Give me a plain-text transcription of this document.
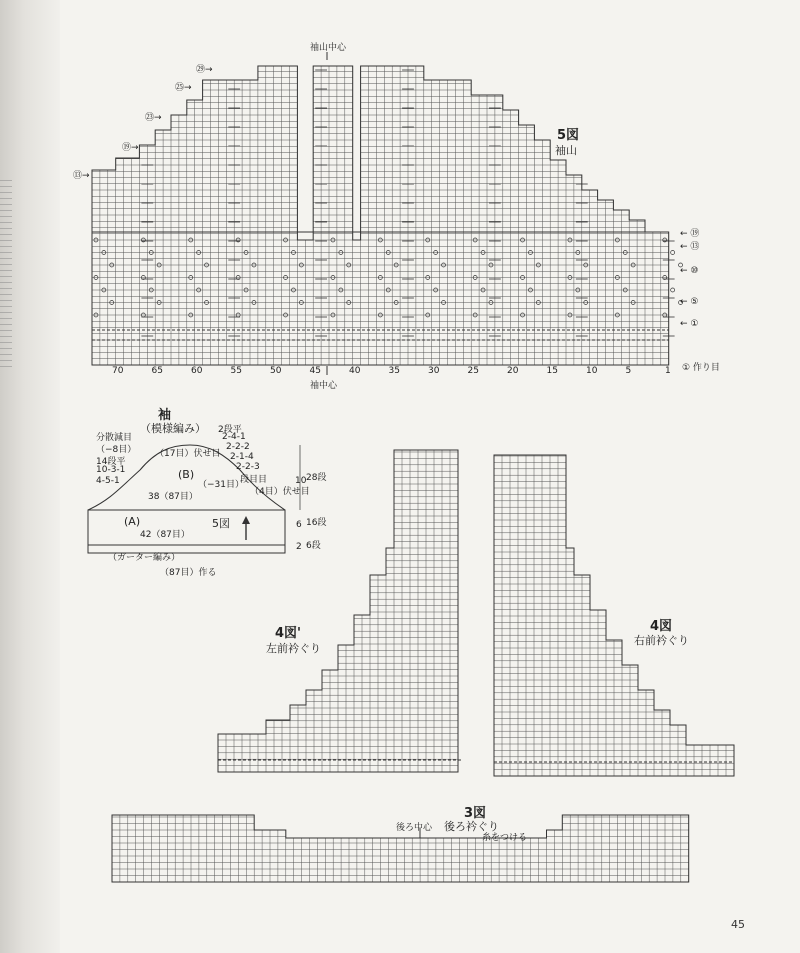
袖山中心
5図
袖山
袖中心
① 作り目
70	65	60	55	50	45	40	35	30	25	20	15	10	5	1
← ⑲
← ⑬
← ⑩
← ⑤
← ①
㉙→
㉕→
㉓→
⑲→
⑬→
袖
（模様編み）
分散減目
（−8目）
14段平
10-3-1
4-5-1
（17目）伏せ目
2段平
2-4-1
2-2-2
2-1-4
2-2-3
段目目
（4目）伏せ目
(B)
（−31目）
38（87目）
(A)	5図
42（87目）
10 28段
6 16段
2 6段
（ガーター編み）
（87目）作る
4図'
左前衿ぐり
4図
右前衿ぐり
3図
後ろ中心 後ろ衿ぐり
糸をつける
45
